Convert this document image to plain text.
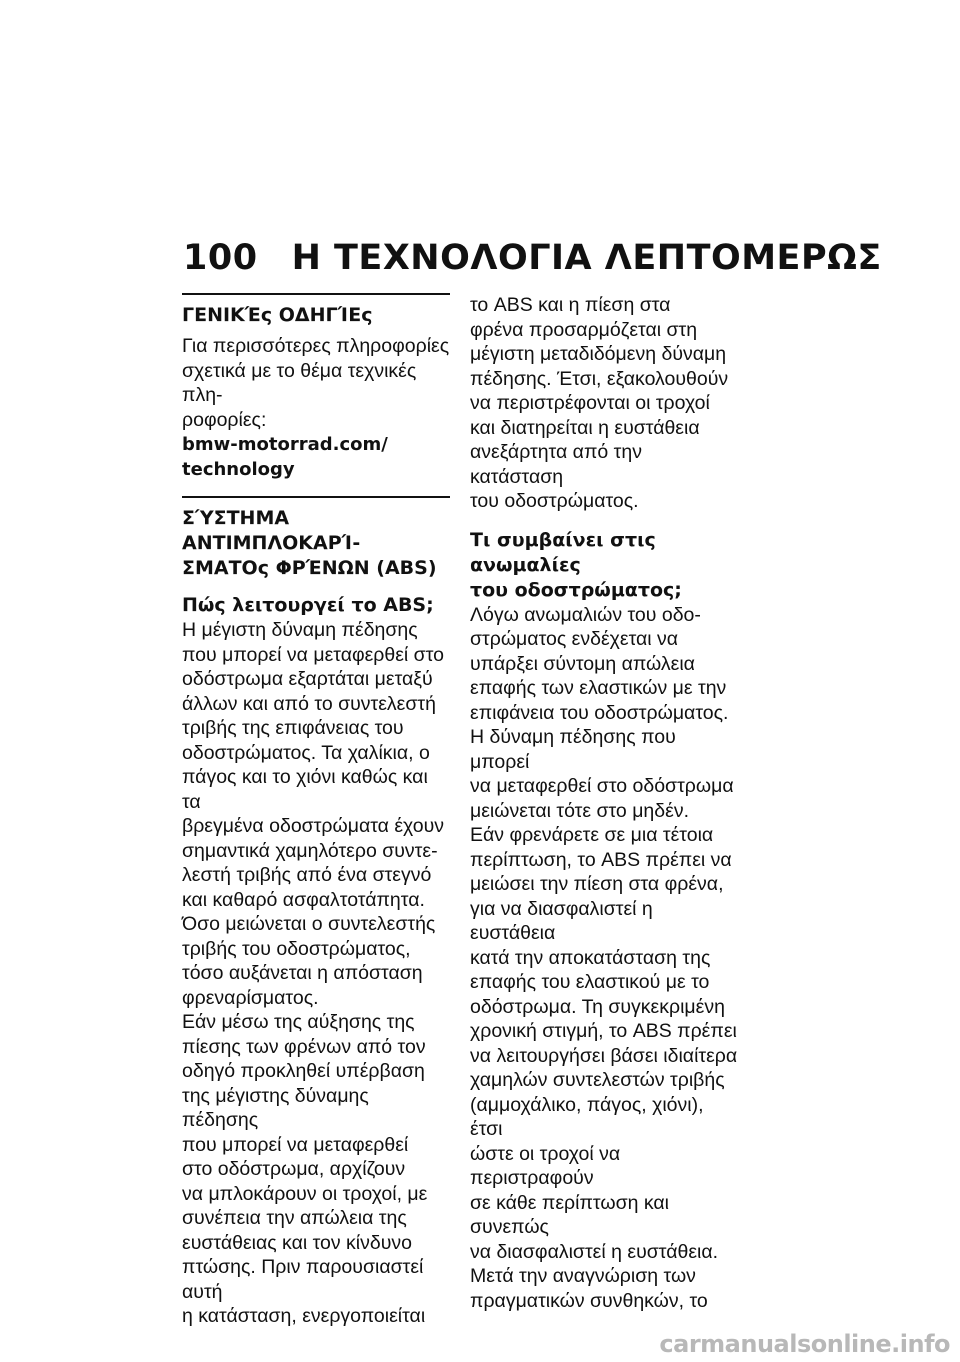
100 Η ΤΕΧΝΟΛΟΓΙΑ ΛΕΠΤΟΜΕΡΩΣ
ΓΕΝΙΚΈς ΟΔΗΓΊΕς

Για περισσότερες πληροφορίες

σχετικά με το θέμα τεχνικές πλη-

ροφορίες:

bmw-motorrad.com/

technology

ΣΎΣΤΗΜΑ ΑΝΤΙΜΠΛΟΚΑΡΊ-
ΣΜΑΤΟς ΦΡΈΝΩΝ (ABS)
Πώς λειτουργεί το ABS;

Η μέγιστη δύναμη πέδησης

που μπορεί να μεταφερθεί στο

οδόστρωμα εξαρτάται μεταξύ

άλλων και από το συντελεστή

τριβής της επιφάνειας του

οδοστρώματος. Τα χαλίκια, ο

πάγος και το χιόνι καθώς και τα

βρεγμένα οδοστρώματα έχουν

σημαντικά χαμηλότερο συντε-

λεστή τριβής από ένα στεγνό

και καθαρό ασφαλτοτάπητα.

Όσο μειώνεται ο συντελεστής

τριβής του οδοστρώματος,

τόσο αυξάνεται η απόσταση

φρεναρίσματος.

Εάν μέσω της αύξησης της

πίεσης των φρένων από τον

οδηγό προκληθεί υπέρβαση

της μέγιστης δύναμης πέδησης

που μπορεί να μεταφερθεί

στο οδόστρωμα, αρχίζουν

να μπλοκάρουν οι τροχοί, με

συνέπεια την απώλεια της

ευστάθειας και τον κίνδυνο

πτώσης. Πριν παρουσιαστεί αυτή

η κατάσταση, ενεργοποιείται

το ABS και η πίεση στα

φρένα προσαρμόζεται στη

μέγιστη μεταδιδόμενη δύναμη

πέδησης. Έτσι, εξακολουθούν

να περιστρέφονται οι τροχοί

και διατηρείται η ευστάθεια

ανεξάρτητα από την κατάσταση

του οδοστρώματος.

Τι συμβαίνει στις ανωμαλίες
του οδοστρώματος;

Λόγω ανωμαλιών του οδο-

στρώματος ενδέχεται να

υπάρξει σύντομη απώλεια

επαφής των ελαστικών με την

επιφάνεια του οδοστρώματος.

Η δύναμη πέδησης που μπορεί

να μεταφερθεί στο οδόστρωμα

μειώνεται τότε στο μηδέν.

Εάν φρενάρετε σε μια τέτοια

περίπτωση, το ABS πρέπει να

μειώσει την πίεση στα φρένα,

για να διασφαλιστεί η ευστάθεια

κατά την αποκατάσταση της

επαφής του ελαστικού με το

οδόστρωμα. Τη συγκεκριμένη

χρονική στιγμή, το ABS πρέπει

να λειτουργήσει βάσει ιδιαίτερα

χαμηλών συντελεστών τριβής

(αμμοχάλικο, πάγος, χιόνι), έτσι

ώστε οι τροχοί να περιστραφούν

σε κάθε περίπτωση και συνεπώς

να διασφαλιστεί η ευστάθεια.

Μετά την αναγνώριση των

πραγματικών συνθηκών, το

carmanualsonline.info
